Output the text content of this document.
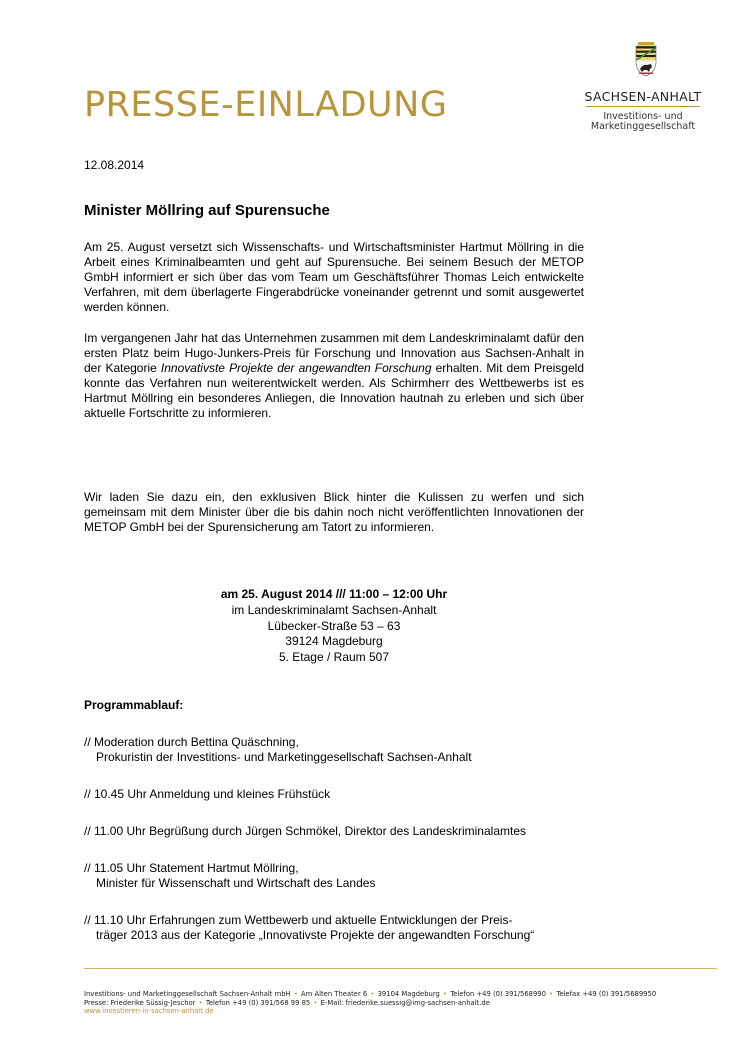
PRESSE-EINLADUNG	SACHSEN-ANHALT
Investitions- und
Marketinggesellschaft
12.08.2014
Minister Möllring auf Spurensuche

Am 25. August versetzt sich Wissenschafts- und Wirtschaftsminister Hartmut Möllring in die Arbeit eines Kriminalbeamten und geht auf Spurensuche. Bei seinem Besuch der METOP GmbH informiert er sich über das vom Team um Geschäftsführer Thomas Leich entwickelte Verfahren, mit dem überlagerte Fingerabdrücke voneinander getrennt und somit ausgewertet werden können.

Im vergangenen Jahr hat das Unternehmen zusammen mit dem Landeskriminalamt dafür den ersten Platz beim Hugo-Junkers-Preis für Forschung und Innovation aus Sachsen-Anhalt in der Kategorie Innovativste Projekte der angewandten Forschung erhalten. Mit dem Preisgeld konnte das Verfahren nun weiterentwickelt werden. Als Schirmherr des Wettbewerbs ist es Hartmut Möllring ein besonderes Anliegen, die Innovation hautnah zu erleben und sich über aktuelle Fortschritte zu informieren.

Wir laden Sie dazu ein, den exklusiven Blick hinter die Kulissen zu werfen und sich gemeinsam mit dem Minister über die bis dahin noch nicht veröffentlichten Innovationen der METOP GmbH bei der Spurensicherung am Tatort zu informieren.

am 25. August 2014 /// 11:00 – 12:00 Uhr
im Landeskriminalamt Sachsen-Anhalt
Lübecker-Straße 53 – 63
39124 Magdeburg
5. Etage / Raum 507
Programmablauf:
// Moderation durch Bettina Quäschning,
Prokuristin der Investitions- und Marketinggesellschaft Sachsen-Anhalt
// 10.45 Uhr Anmeldung und kleines Frühstück
// 11.00 Uhr Begrüßung durch Jürgen Schmökel, Direktor des Landeskriminalamtes
// 11.05 Uhr Statement Hartmut Möllring,
Minister für Wissenschaft und Wirtschaft des Landes
// 11.10 Uhr Erfahrungen zum Wettbewerb und aktuelle Entwicklungen der Preis-
träger 2013 aus der Kategorie „Innovativste Projekte der angewandten Forschung“
Investitions- und Marketinggesellschaft Sachsen-Anhalt mbH • Am Alten Theater 6 • 39104 Magdeburg • Telefon +49 (0) 391/568990 • Telefax +49 (0) 391/5689950
Presse: Friederike Süssig-Jeschor • Telefon +49 (0) 391/568 99 85 • E-Mail: friederike.suessig@img-sachsen-anhalt.de
www.investieren-in-sachsen-anhalt.de
